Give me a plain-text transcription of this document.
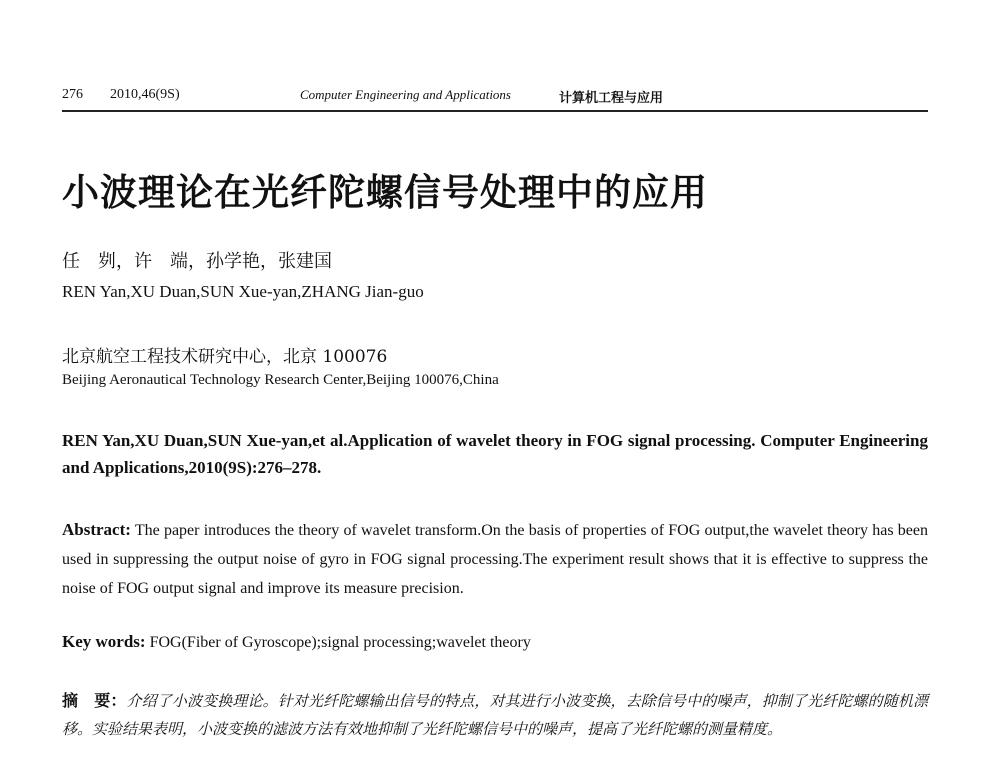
276 2010,46(9S)	Computer Engineering and Applications	计算机工程与应用
小波理论在光纤陀螺信号处理中的应用
任　刿，许　端，孙学艳，张建国
REN Yan,XU Duan,SUN Xue-yan,ZHANG Jian-guo
北京航空工程技术研究中心，北京 100076
Beijing Aeronautical Technology Research Center,Beijing 100076,China

REN Yan,XU Duan,SUN Xue-yan,et al.Application of wavelet theory in FOG signal processing. Computer Engineering and Applications,2010(9S):276–278.

Abstract: The paper introduces the theory of wavelet transform.On the basis of properties of FOG output,the wavelet theory has been used in suppressing the output noise of gyro in FOG signal processing.The experiment result shows that it is effective to suppress the noise of FOG output signal and improve its measure precision.

Key words: FOG(Fiber of Gyroscope);signal processing;wavelet theory

摘　要：介绍了小波变换理论。针对光纤陀螺输出信号的特点，对其进行小波变换，去除信号中的噪声，抑制了光纤陀螺的随机漂移。实验结果表明，小波变换的滤波方法有效地抑制了光纤陀螺信号中的噪声，提高了光纤陀螺的测量精度。
